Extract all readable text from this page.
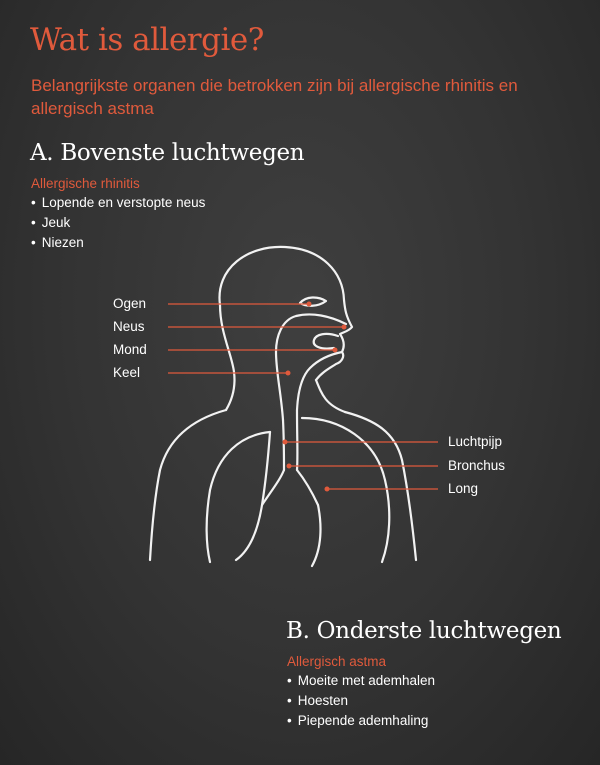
Wat is allergie?

Belangrijkste organen die betrokken zijn bij allergische rhinitis en allergisch astma

A. Bovenste luchtwegen
Allergische rhinitis
• Lopende en verstopte neus
• Jeuk
• Niezen
Ogen
Neus
Mond
Keel
Luchtpijp
Bronchus
Long
B. Onderste luchtwegen
Allergisch astma
• Moeite met ademhalen
• Hoesten
• Piepende ademhaling
